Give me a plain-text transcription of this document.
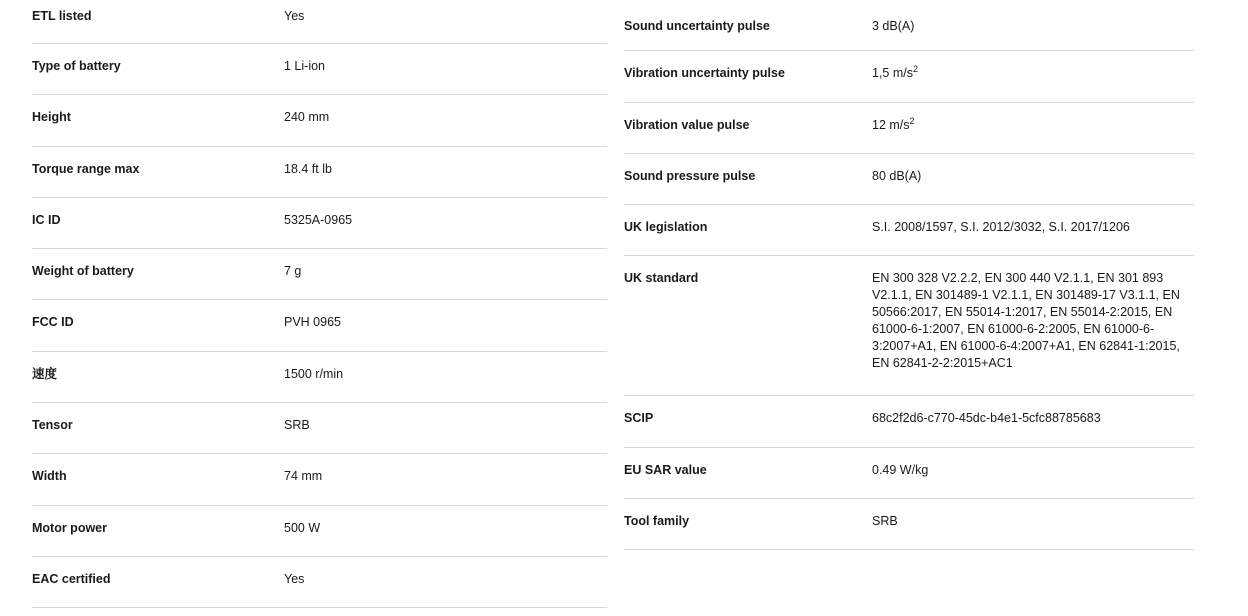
ETL listed	Yes
Type of battery	1 Li-ion
Height	240 mm
Torque range max	18.4 ft lb
IC ID	5325A-0965
Weight of battery	7 g
FCC ID	PVH 0965
速度	1500 r/min
Tensor	SRB
Width	74 mm
Motor power	500 W
EAC certified	Yes
Sound uncertainty pulse	3 dB(A)
Vibration uncertainty pulse	1,5 $m/s^2$
Vibration value pulse	12 $m/s^2$
Sound pressure pulse	80 dB(A)
UK legislation	S.I. 2008/1597, S.I. 2012/3032, S.I. 2017/1206
UK standard	EN 300 328 V2.2.2, EN 300 440 V2.1.1, EN 301 893 V2.1.1, EN 301489-1 V2.1.1, EN 301489-17 V3.1.1, EN 50566:2017, EN 55014-1:2017, EN 55014-2:2015, EN 61000-6-1:2007, EN 61000-6-2:2005, EN 61000-6-3:2007+A1, EN 61000-6-4:2007+A1, EN 62841-1:2015, EN 62841-2-2:2015+AC1
SCIP	68c2f2d6-c770-45dc-b4e1-5cfc88785683
EU SAR value	0.49 W/kg
Tool family	SRB
